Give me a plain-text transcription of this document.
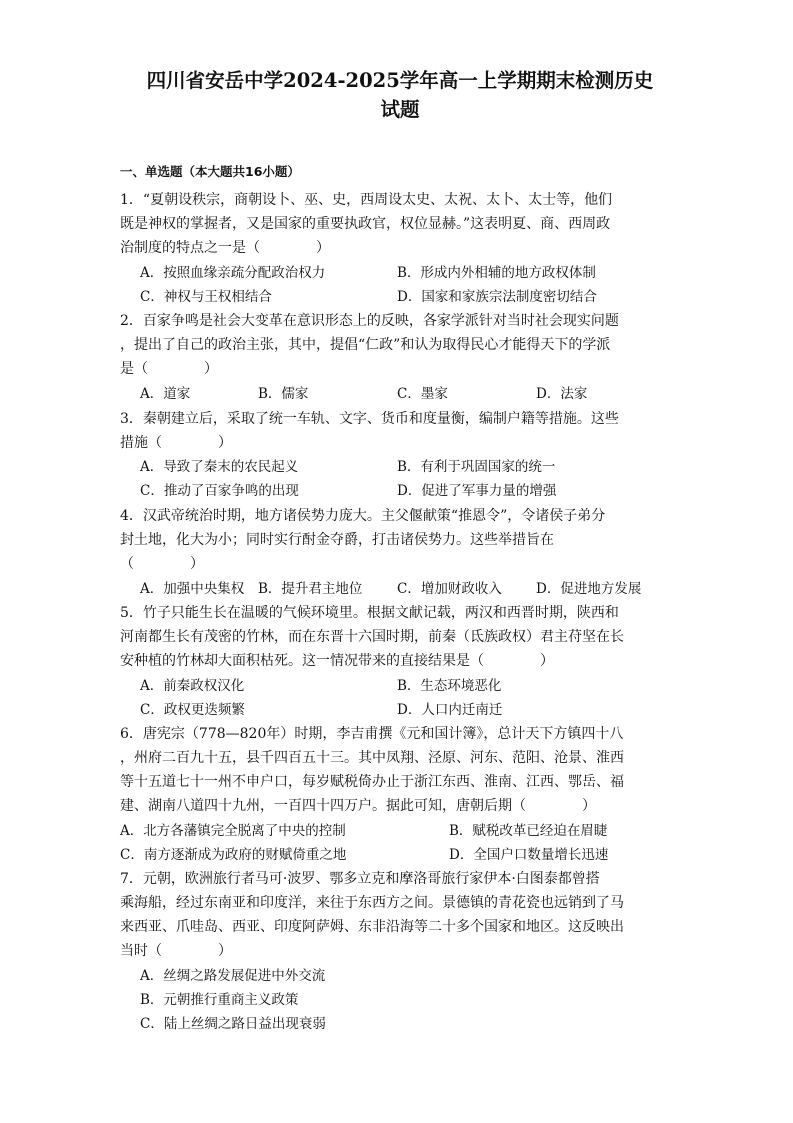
四川省安岳中学2024-2025学年高一上学期期末检测历史
试题
一、单选题（本大题共16小题）
1．“夏朝设秩宗，商朝设卜、巫、史，西周设太史、太祝、太卜、太士等，他们
既是神权的掌握者，又是国家的重要执政官，权位显赫。”这表明夏、商、西周政
治制度的特点之一是（　　　　）
A．按照血缘亲疏分配政治权力	B．形成内外相辅的地方政权体制
C．神权与王权相结合	D．国家和家族宗法制度密切结合
2．百家争鸣是社会大变革在意识形态上的反映，各家学派针对当时社会现实问题
，提出了自己的政治主张，其中，提倡“仁政”和认为取得民心才能得天下的学派
是（　　　　）
A．道家	B．儒家	C．墨家	D．法家
3．秦朝建立后，采取了统一车轨、文字、货币和度量衡，编制户籍等措施。这些
措施（　　　　）
A．导致了秦末的农民起义	B．有利于巩固国家的统一
C．推动了百家争鸣的出现	D．促进了军事力量的增强
4．汉武帝统治时期，地方诸侯势力庞大。主父偃献策“推恩令”，令诸侯子弟分
封土地，化大为小；同时实行酎金夺爵，打击诸侯势力。这些举措旨在
（　　　　）
A．加强中央集权 B．提升君主地位	C．增加财政收入	D．促进地方发展
5．竹子只能生长在温暖的气候环境里。根据文献记载，两汉和西晋时期，陕西和
河南都生长有茂密的竹林，而在东晋十六国时期，前秦（氐族政权）君主苻坚在长
安种植的竹林却大面积枯死。这一情况带来的直接结果是（　　　　）
A．前秦政权汉化	B．生态环境恶化
C．政权更迭频繁	D．人口内迁南迁
6．唐宪宗（778—820年）时期，李吉甫撰《元和国计簿》，总计天下方镇四十八
，州府二百九十五，县千四百五十三。其中凤翔、泾原、河东、范阳、沧景、淮西
等十五道七十一州不申户口，每岁赋税倚办止于浙江东西、淮南、江西、鄂岳、福
建、湖南八道四十九州，一百四十四万户。据此可知，唐朝后期（　　　　）
A．北方各藩镇完全脱离了中央的控制	B．赋税改革已经迫在眉睫
C．南方逐渐成为政府的财赋倚重之地	D．全国户口数量增长迅速
7．元朝，欧洲旅行者马可·波罗、鄂多立克和摩洛哥旅行家伊本·白图泰都曾搭
乘海船，经过东南亚和印度洋，来往于东西方之间。景德镇的青花瓷也远销到了马
来西亚、爪哇岛、西亚、印度阿萨姆、东非沿海等二十多个国家和地区。这反映出
当时（　　　　）
A．丝绸之路发展促进中外交流
B．元朝推行重商主义政策
C．陆上丝绸之路日益出现衰弱
